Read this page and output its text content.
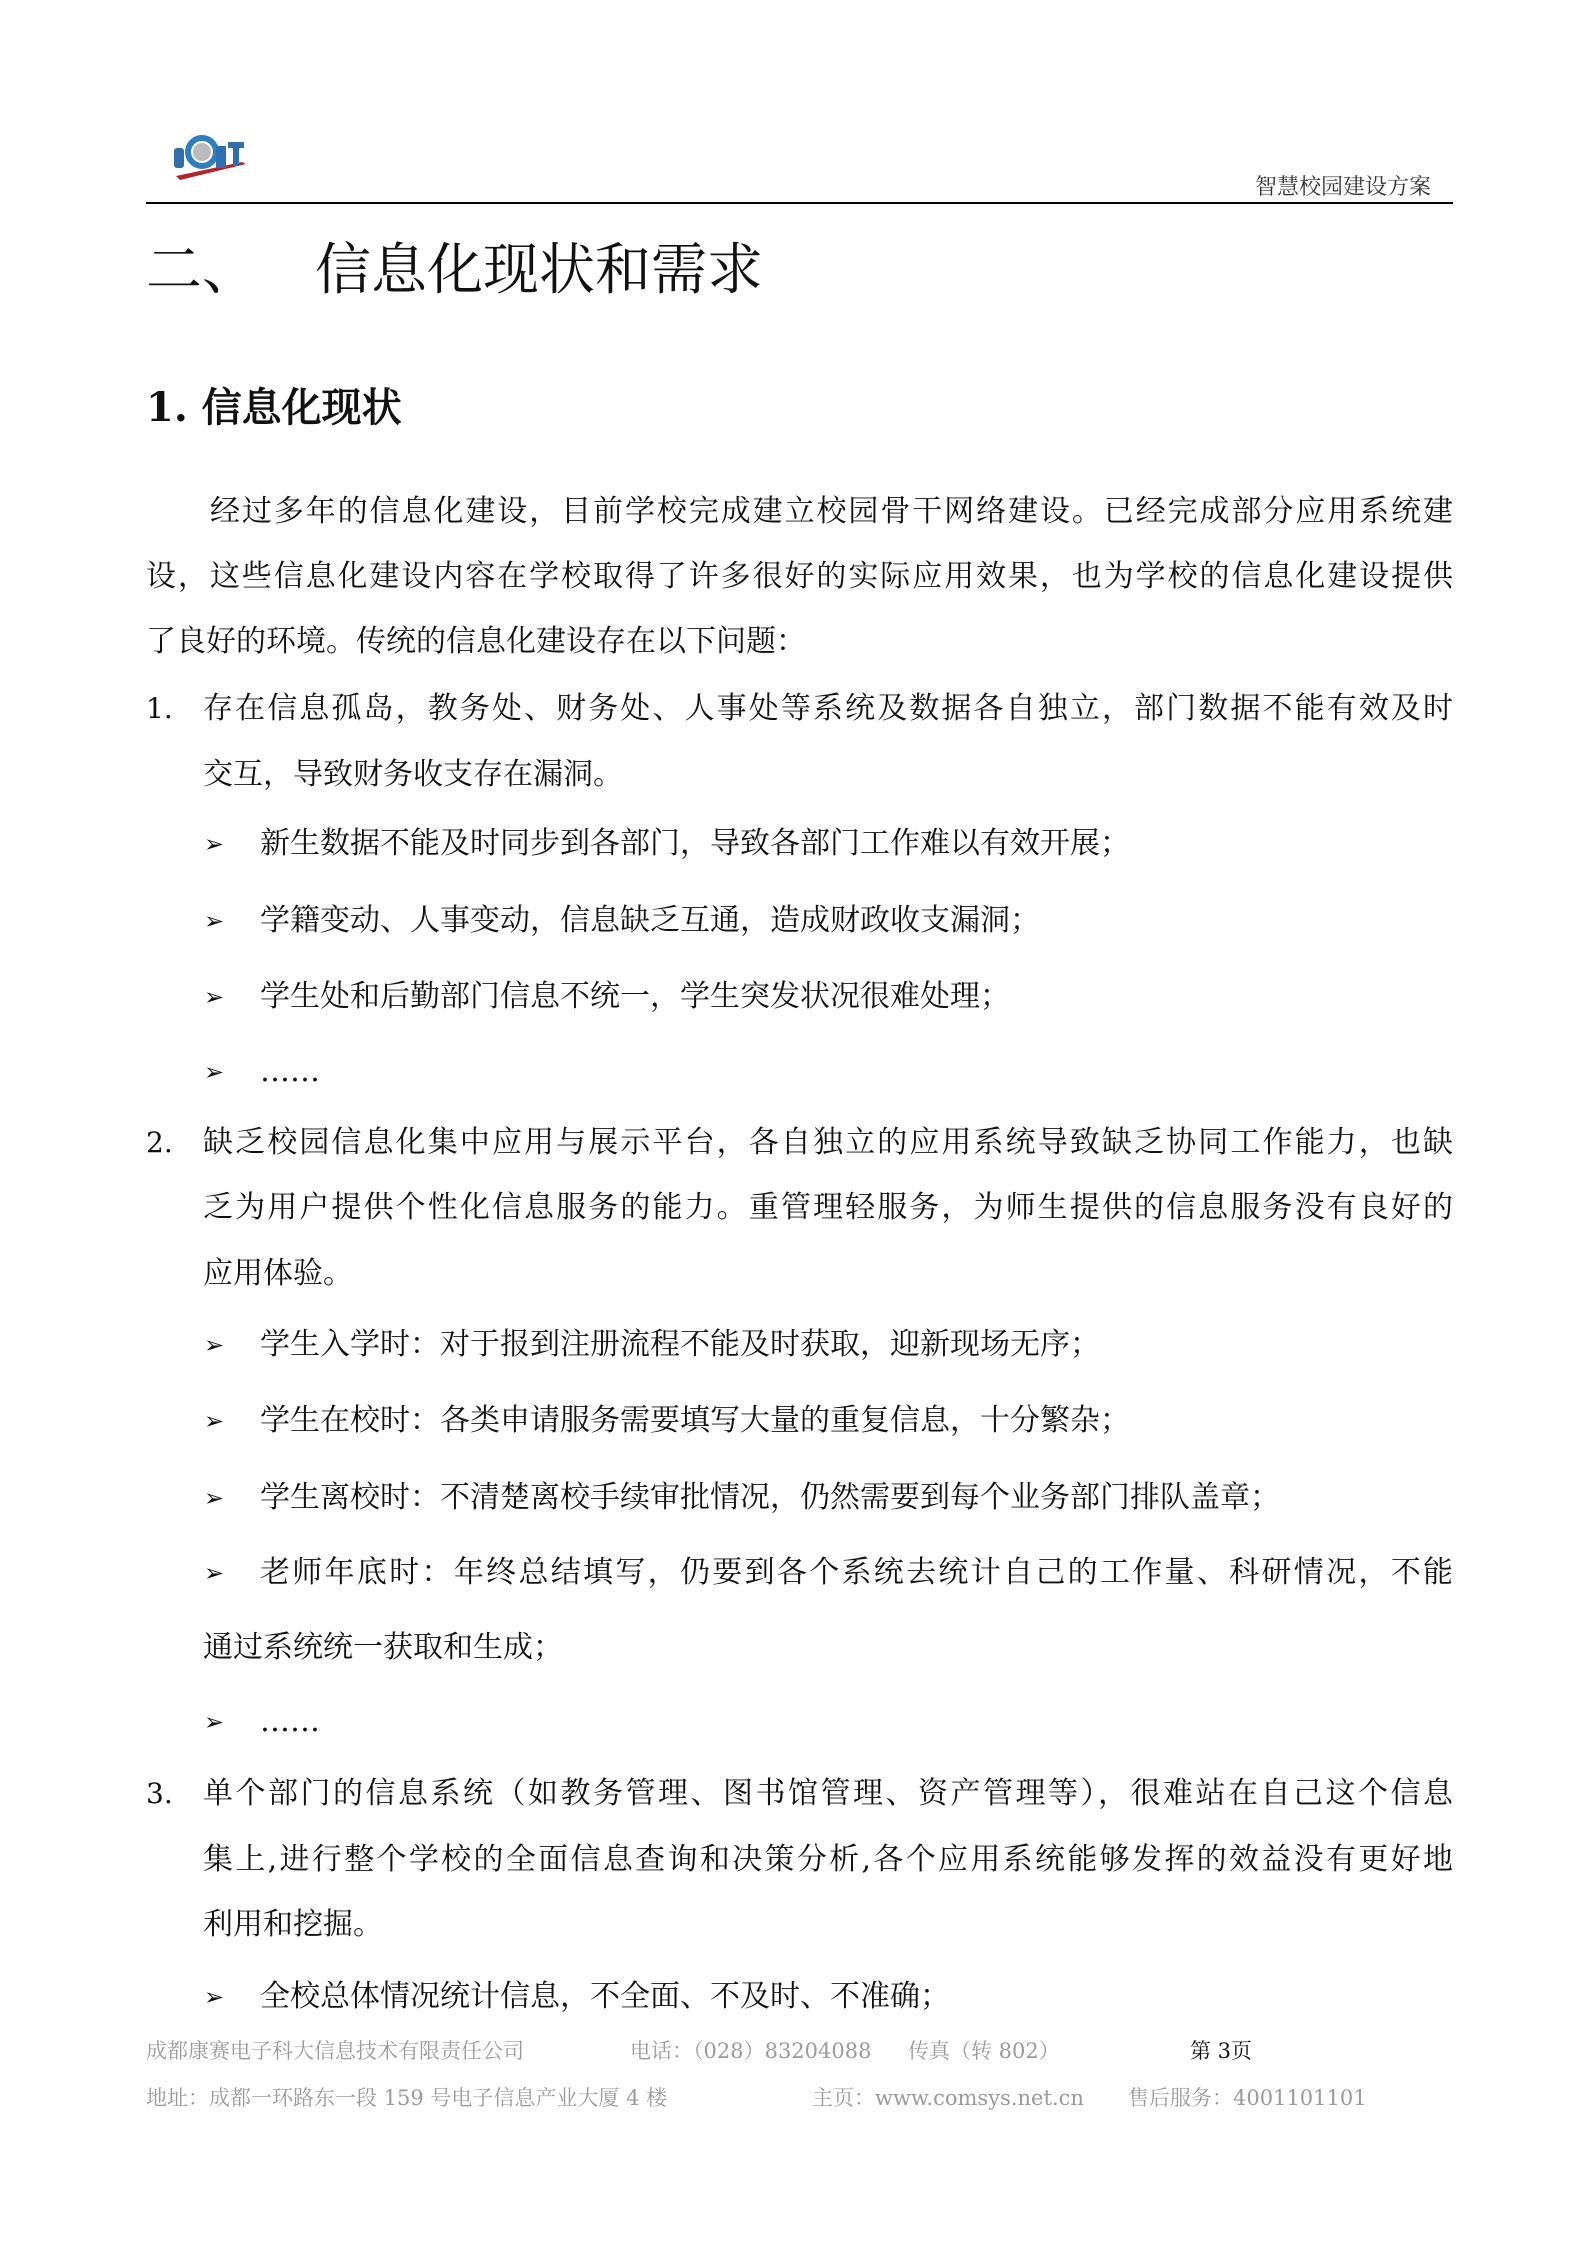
智慧校园建设方案
二、 信息化现状和需求
1. 信息化现状
经过多年的信息化建设，目前学校完成建立校园骨干网络建设。已经完成部分应用系统建
设，这些信息化建设内容在学校取得了许多很好的实际应用效果，也为学校的信息化建设提供
了良好的环境。传统的信息化建设存在以下问题：
1. 存在信息孤岛，教务处、财务处、人事处等系统及数据各自独立，部门数据不能有效及时
交互，导致财务收支存在漏洞。
➢ 新生数据不能及时同步到各部门，导致各部门工作难以有效开展；
➢ 学籍变动、人事变动，信息缺乏互通，造成财政收支漏洞；
➢ 学生处和后勤部门信息不统一，学生突发状况很难处理；
➢ ……
2. 缺乏校园信息化集中应用与展示平台，各自独立的应用系统导致缺乏协同工作能力，也缺
乏为用户提供个性化信息服务的能力。重管理轻服务，为师生提供的信息服务没有良好的
应用体验。
➢ 学生入学时：对于报到注册流程不能及时获取，迎新现场无序；
➢ 学生在校时：各类申请服务需要填写大量的重复信息，十分繁杂；
➢ 学生离校时：不清楚离校手续审批情况，仍然需要到每个业务部门排队盖章；
➢ 老师年底时：年终总结填写，仍要到各个系统去统计自己的工作量、科研情况，不能
通过系统统一获取和生成；
➢ ……
3. 单个部门的信息系统（如教务管理、图书馆管理、资产管理等），很难站在自己这个信息
集上,进行整个学校的全面信息查询和决策分析,各个应用系统能够发挥的效益没有更好地
利用和挖掘。
➢ 全校总体情况统计信息，不全面、不及时、不准确；
成都康赛电子科大信息技术有限责任公司	电话：（028）83204088 传真（转 802）	第 3页
地址：成都一环路东一段 159 号电子信息产业大厦 4 楼	主页：www.comsys.net.cn 售后服务：4001101101
